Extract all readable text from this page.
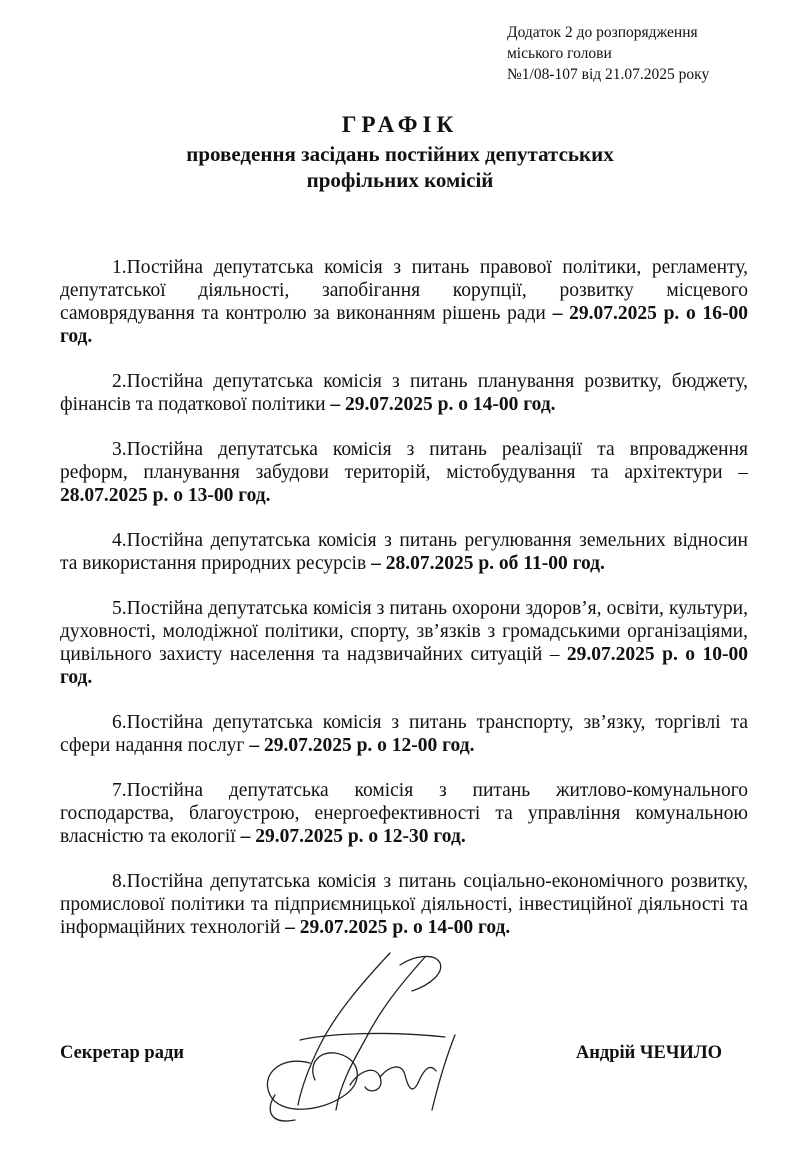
Додаток 2 до розпорядження
міського голови
№1/08-107 від 21.07.2025 року
ГРАФІК
проведення засідань постійних депутатських
профільних комісій

1.Постійна депутатська комісія з питань правової політики, регламенту, депутатської діяльності, запобігання корупції, розвитку місцевого самоврядування та контролю за виконанням рішень ради – 29.07.2025 р. о 16-00 год.

2.Постійна депутатська комісія з питань планування розвитку, бюджету, фінансів та податкової політики – 29.07.2025 р. о 14-00 год.

3.Постійна депутатська комісія з питань реалізації та впровадження реформ, планування забудови територій, містобудування та архітектури – 28.07.2025 р. о 13-00 год.

4.Постійна депутатська комісія з питань регулювання земельних відносин та використання природних ресурсів – 28.07.2025 р. об 11-00 год.

5.Постійна депутатська комісія з питань охорони здоров’я, освіти, культури, духовності, молодіжної політики, спорту, зв’язків з громадськими організаціями, цивільного захисту населення та надзвичайних ситуацій – 29.07.2025 р. о 10-00 год.

6.Постійна депутатська комісія з питань транспорту, зв’язку, торгівлі та сфери надання послуг – 29.07.2025 р. о 12-00 год.

7.Постійна депутатська комісія з питань житлово-комунального господарства, благоустрою, енергоефективності та управління комунальною власністю та екології – 29.07.2025 р. о 12-30 год.

8.Постійна депутатська комісія з питань соціально-економічного розвитку, промислової політики та підприємницької діяльності, інвестиційної діяльності та інформаційних технологій – 29.07.2025 р. о 14-00 год.

Секретар ради	Андрій ЧЕЧИЛО
